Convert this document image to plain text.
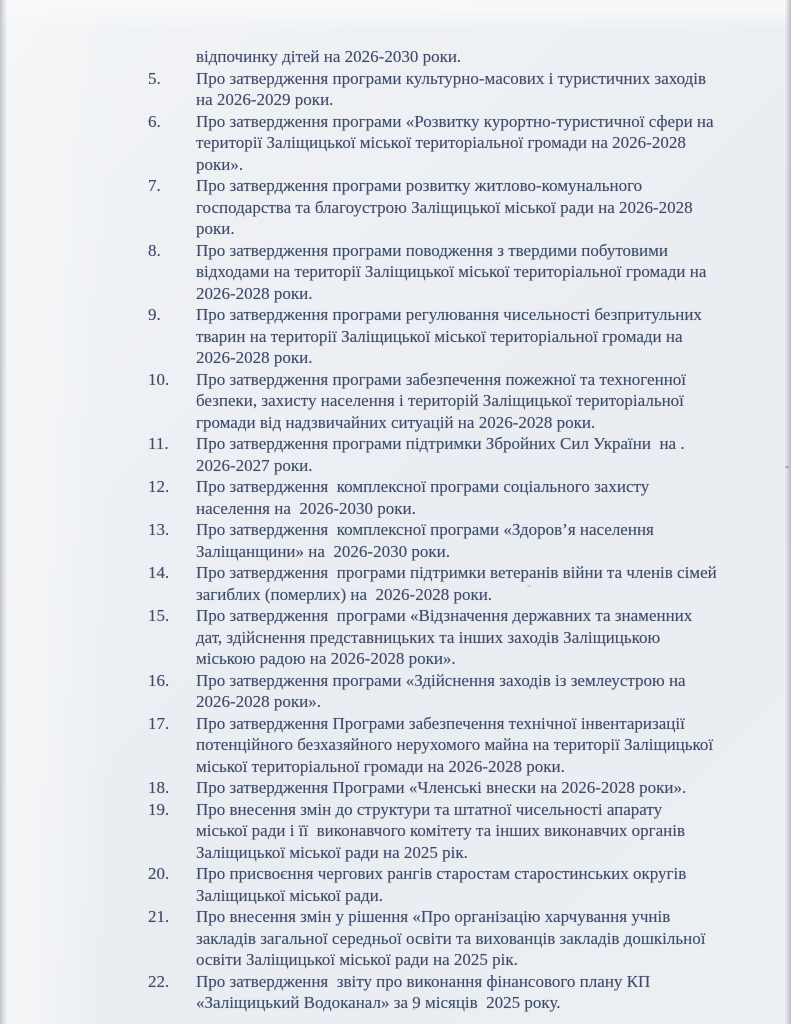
відпочинку дітей на 2026-2030 роки.
5.	Про затвердження програми культурно-масових і туристичних заходів
на 2026-2029 роки.
6.	Про затвердження програми «Розвитку курортно-туристичної сфери на
території Заліщицької міської територіальної громади на 2026-2028
роки».
7.	Про затвердження програми розвитку житлово-комунального
господарства та благоустрою Заліщицької міської ради на 2026-2028
роки.
8.	Про затвердження програми поводження з твердими побутовими
відходами на території Заліщицької міської територіальної громади на
2026-2028 роки.
9.	Про затвердження програми регулювання чисельності безпритульних
тварин на території Заліщицької міської територіальної громади на
2026-2028 роки.
10.	Про затвердження програми забезпечення пожежної та техногенної
безпеки, захисту населення і територій Заліщицької територіальної
громади від надзвичайних ситуацій на 2026-2028 роки.
11.	Про затвердження програми підтримки Збройних Сил України  на .
2026-2027 роки.
12.	Про затвердження  комплексної програми соціального захисту
населення на  2026-2030 роки.
13.	Про затвердження  комплексної програми «Здоров’я населення
Заліщанщини» на  2026-2030 роки.
14.	Про затвердження  програми підтримки ветеранів війни та членів сімей
загиблих (померлих) на  2026-2028 роки.
15.	Про затвердження  програми «Відзначення державних та знаменних
дат, здійснення представницьких та інших заходів Заліщицькою
міською радою на 2026-2028 роки».
16.	Про затвердження програми «Здійснення заходів із землеустрою на
2026-2028 роки».
17.	Про затвердження Програми забезпечення технічної інвентаризації
потенційного безхазяйного нерухомого майна на території Заліщицької
міської територіальної громади на 2026-2028 роки.
18.	Про затвердження Програми «Членські внески на 2026-2028 роки».
19.	Про внесення змін до структури та штатної чисельності апарату
міської ради і її  виконавчого комітету та інших виконавчих органів
Заліщицької міської ради на 2025 рік.
20.	Про присвоєння чергових рангів старостам старостинських округів
Заліщицької міської ради.
21.	Про внесення змін у рішення «Про організацію харчування учнів
закладів загальної середньої освіти та вихованців закладів дошкільної
освіти Заліщицької міської ради на 2025 рік.
22.	Про затвердження  звіту про виконання фінансового плану КП
«Заліщицький Водоканал» за 9 місяців  2025 року.
